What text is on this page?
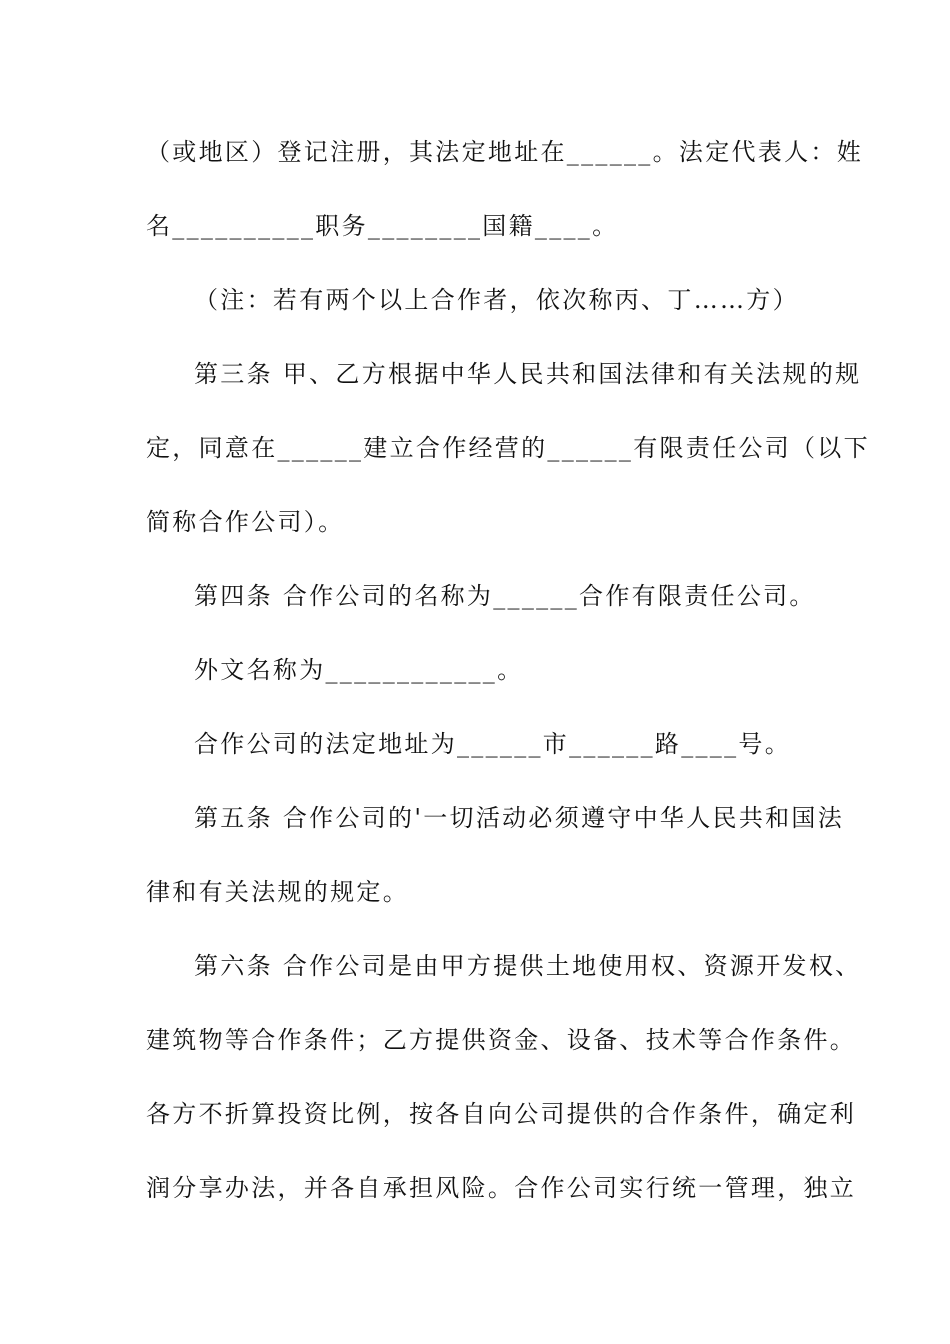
（或地区）登记注册，其法定地址在______。法定代表人：姓
名__________职务________国籍____。
（注：若有两个以上合作者，依次称丙、丁……方）
第三条 甲、乙方根据中华人民共和国法律和有关法规的规
定，同意在______建立合作经营的______有限责任公司（以下
简称合作公司）。
第四条 合作公司的名称为______合作有限责任公司。
外文名称为____________。
合作公司的法定地址为______市______路____号。
第五条 合作公司的'一切活动必须遵守中华人民共和国法
律和有关法规的规定。
第六条 合作公司是由甲方提供土地使用权、资源开发权、
建筑物等合作条件；乙方提供资金、设备、技术等合作条件。
各方不折算投资比例，按各自向公司提供的合作条件，确定利
润分享办法，并各自承担风险。合作公司实行统一管理，独立
